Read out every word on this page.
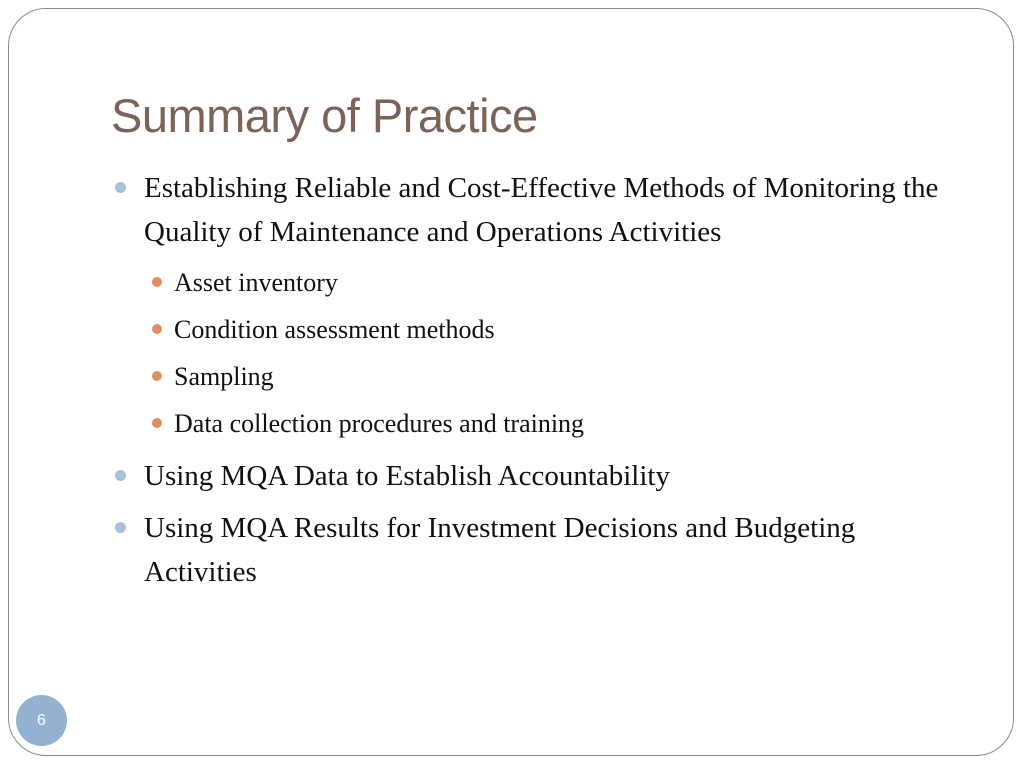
Summary of Practice
Establishing Reliable and Cost-Effective Methods of Monitoring the Quality of Maintenance and Operations Activities
Asset inventory
Condition assessment methods
Sampling
Data collection procedures and training
Using MQA Data to Establish Accountability
Using MQA Results for Investment Decisions and Budgeting Activities
6
